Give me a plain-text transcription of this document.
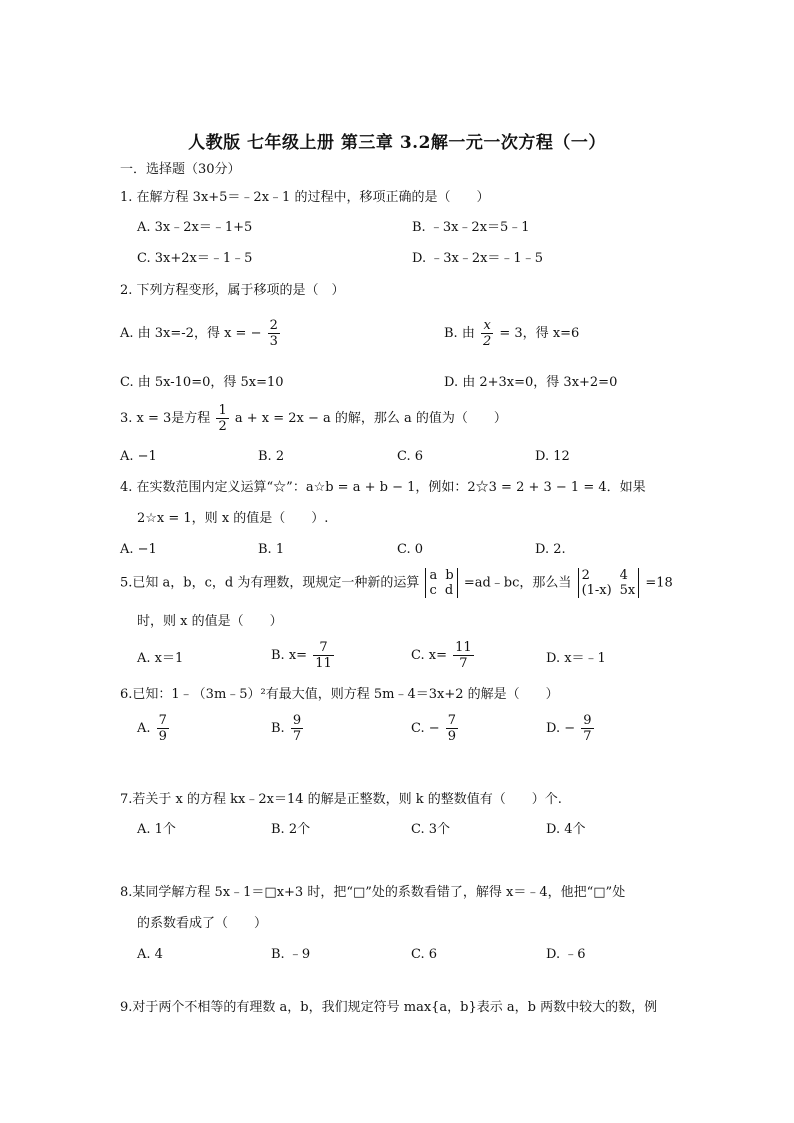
人教版 七年级上册 第三章 3.2解一元一次方程（一）
一．选择题（30分）
1. 在解方程 3x+5＝﹣2x﹣1 的过程中，移项正确的是（　　）
A. 3x﹣2x＝﹣1+5	B. ﹣3x﹣2x＝5﹣1
C. 3x+2x＝﹣1﹣5	D. ﹣3x﹣2x＝﹣1﹣5
2. 下列方程变形，属于移项的是（　）
A. 由 3x=-2，得 x = − $\frac{2}{3}$	B. 由 $\frac{x}{2} = 3$，得 x=6
C. 由 5x-10=0，得 5x=10	D. 由 2+3x=0，得 3x+2=0
3. x = 3是方程 $\frac{1}{2}$ a + x = 2x − a 的解，那么 a 的值为（　　）
A. −1	B. 2	C. 6	D. 12
4. 在实数范围内定义运算“☆”：a☆b = a + b − 1，例如：2☆3 = 2 + 3 − 1 = 4．如果
2☆x = 1，则 x 的值是（　　）.
A. −1	B. 1	C. 0	D. 2.
5.已知 a，b，c，d 为有理数，现规定一种新的运算 a b
c d =ad﹣bc，那么当 2 4
(1-x) 5x =18
时，则 x 的值是（　　）
A. x＝1	B. $x= \frac{7}{11}$	C. $x= \frac{11}{7}$	D. x＝﹣1
6.已知：1﹣（3m﹣5）²有最大值，则方程 5m﹣4＝3x+2 的解是（　　）
A. $\frac{7}{9}$	B. $\frac{9}{7}$	C. − $\frac{7}{9}$	D. − $\frac{9}{7}$
7.若关于 x 的方程 kx﹣2x＝14 的解是正整数，则 k 的整数值有（　　）个.
A. 1个	B. 2个	C. 3个	D. 4个
8.某同学解方程 5x﹣1＝□x+3 时，把“□”处的系数看错了，解得 x＝﹣4，他把“□”处
的系数看成了（　　）
A. 4	B. ﹣9	C. 6	D. ﹣6
9.对于两个不相等的有理数 a，b，我们规定符号 max{a，b}表示 a，b 两数中较大的数，例
